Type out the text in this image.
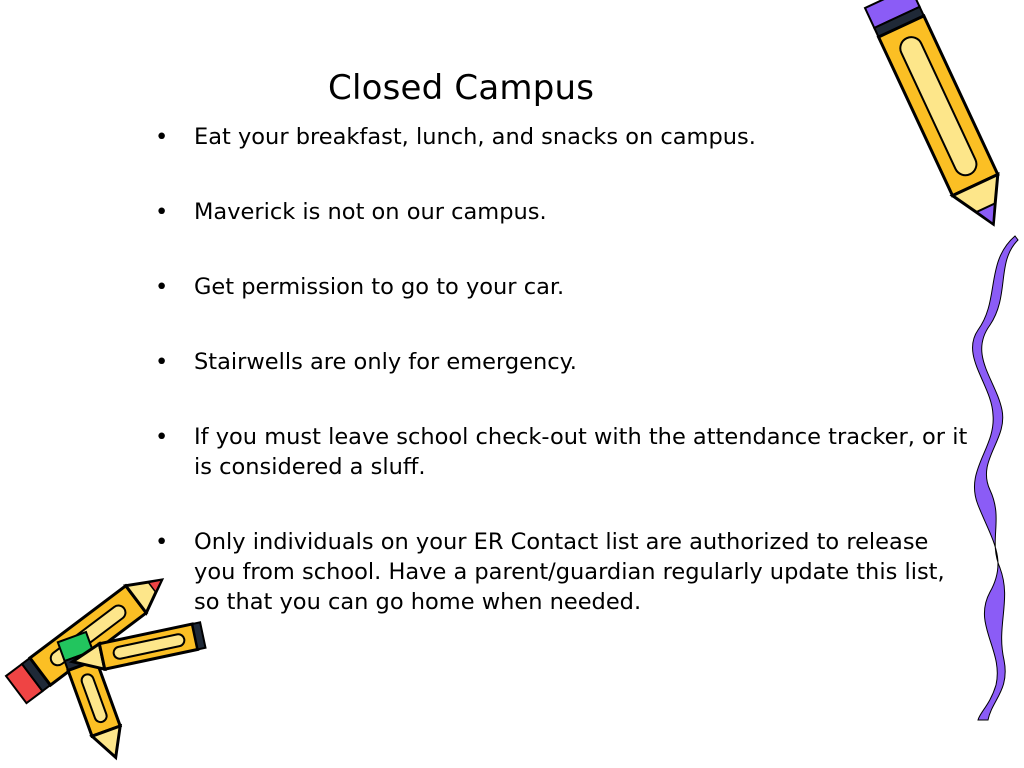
Closed Campus
• Eat your breakfast, lunch, and snacks on campus.
• Maverick is not on our campus.
• Get permission to go to your car.
• Stairwells are only for emergency.
• If you must leave school check-out with the attendance tracker, or it is considered a sluff.
• Only individuals on your ER Contact list are authorized to release you from school. Have a parent/guardian regularly update this list, so that you can go home when needed.
